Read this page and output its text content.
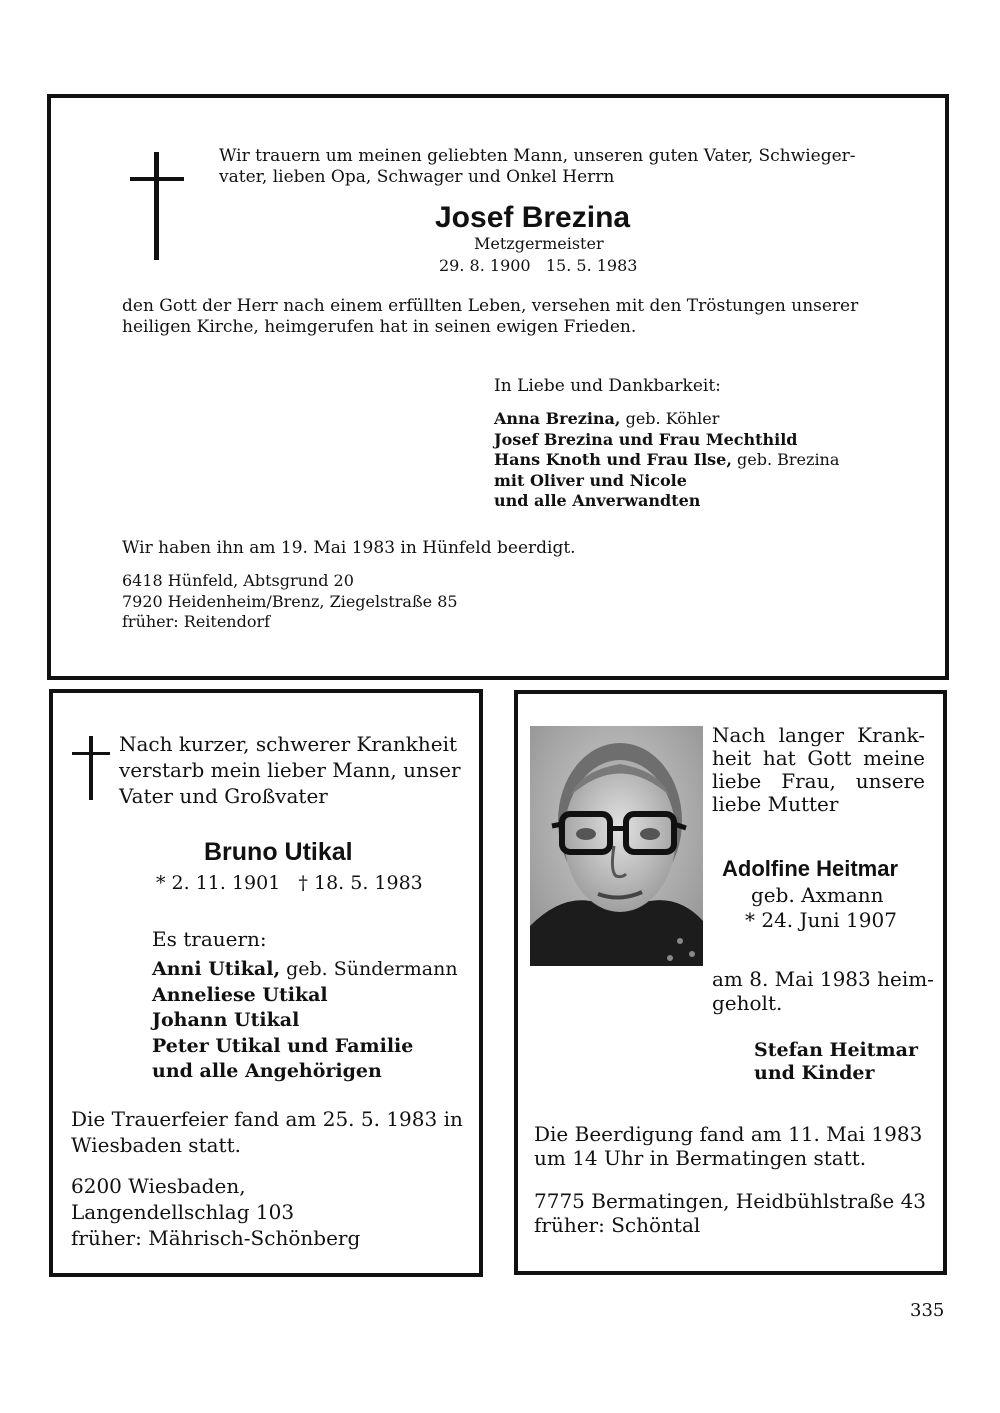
Wir trauern um meinen geliebten Mann, unseren guten Vater, Schwieger-
vater, lieben Opa, Schwager und Onkel Herrn
Josef Brezina
Metzgermeister
29. 8. 1900   15. 5. 1983
den Gott der Herr nach einem erfüllten Leben, versehen mit den Tröstungen unserer
heiligen Kirche, heimgerufen hat in seinen ewigen Frieden.
In Liebe und Dankbarkeit:
Anna Brezina, geb. Köhler
Josef Brezina und Frau Mechthild
Hans Knoth und Frau Ilse, geb. Brezina
mit Oliver und Nicole
und alle Anverwandten
Wir haben ihn am 19. Mai 1983 in Hünfeld beerdigt.
6418 Hünfeld, Abtsgrund 20
7920 Heidenheim/Brenz, Ziegelstraße 85
früher: Reitendorf
Nach kurzer, schwerer Krankheit
verstarb mein lieber Mann, unser
Vater und Großvater
Bruno Utikal
* 2. 11. 1901   † 18. 5. 1983
Es trauern:
Anni Utikal, geb. Sündermann
Anneliese Utikal
Johann Utikal
Peter Utikal und Familie
und alle Angehörigen
Die Trauerfeier fand am 25. 5. 1983 in
Wiesbaden statt.
6200 Wiesbaden,
Langendellschlag 103
früher: Mährisch-Schönberg
Nach langer Krank-
heit hat Gott meine
liebe Frau, unsere
liebe Mutter
Adolfine Heitmar
geb. Axmann
* 24. Juni 1907
am 8. Mai 1983 heim-
geholt.
Stefan Heitmar
und Kinder
Die Beerdigung fand am 11. Mai 1983
um 14 Uhr in Bermatingen statt.
7775 Bermatingen, Heidbühlstraße 43
früher: Schöntal
335
